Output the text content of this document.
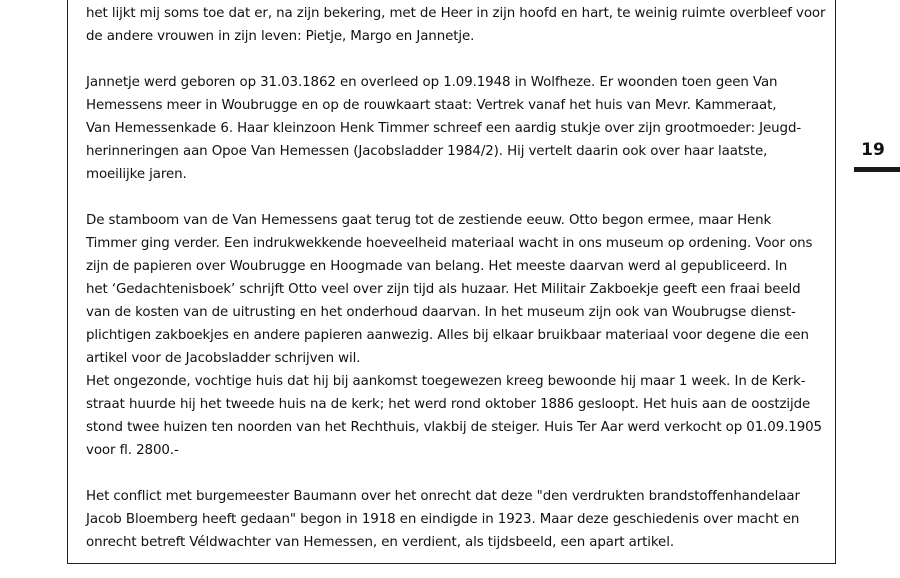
het lijkt mij soms toe dat er, na zijn bekering, met de Heer in zijn hoofd en hart, te weinig ruimte overbleef voor
de andere vrouwen in zijn leven: Pietje, Margo en Jannetje.

Jannetje werd geboren op 31.03.1862 en overleed op 1.09.1948 in Wolfheze. Er woonden toen geen Van
Hemessens meer in Woubrugge en op de rouwkaart staat: Vertrek vanaf het huis van Mevr. Kammeraat,
Van Hemessenkade 6. Haar kleinzoon Henk Timmer schreef een aardig stukje over zijn grootmoeder: Jeugd-
herinneringen aan Opoe Van Hemessen (Jacobsladder 1984/2). Hij vertelt daarin ook over haar laatste,
moeilijke jaren.

De stamboom van de Van Hemessens gaat terug tot de zestiende eeuw. Otto begon ermee, maar Henk
Timmer ging verder. Een indrukwekkende hoeveelheid materiaal wacht in ons museum op ordening. Voor ons
zijn de papieren over Woubrugge en Hoogmade van belang. Het meeste daarvan werd al gepubliceerd. In
het ‘Gedachtenisboek’ schrijft Otto veel over zijn tijd als huzaar. Het Militair Zakboekje geeft een fraai beeld
van de kosten van de uitrusting en het onderhoud daarvan. In het museum zijn ook van Woubrugse dienst-
plichtigen zakboekjes en andere papieren aanwezig. Alles bij elkaar bruikbaar materiaal voor degene die een
artikel voor de Jacobsladder schrijven wil.

Het ongezonde, vochtige huis dat hij bij aankomst toegewezen kreeg bewoonde hij maar 1 week. In de Kerk-
straat huurde hij het tweede huis na de kerk; het werd rond oktober 1886 gesloopt. Het huis aan de oostzijde
stond twee huizen ten noorden van het Rechthuis, vlakbij de steiger. Huis Ter Aar werd verkocht op 01.09.1905
voor fl. 2800.-

Het conflict met burgemeester Baumann over het onrecht dat deze "den verdrukten brandstoffenhandelaar
Jacob Bloemberg heeft gedaan" begon in 1918 en eindigde in 1923. Maar deze geschiedenis over macht en
onrecht betreft Véldwachter van Hemessen, en verdient, als tijdsbeeld, een apart artikel.

19
